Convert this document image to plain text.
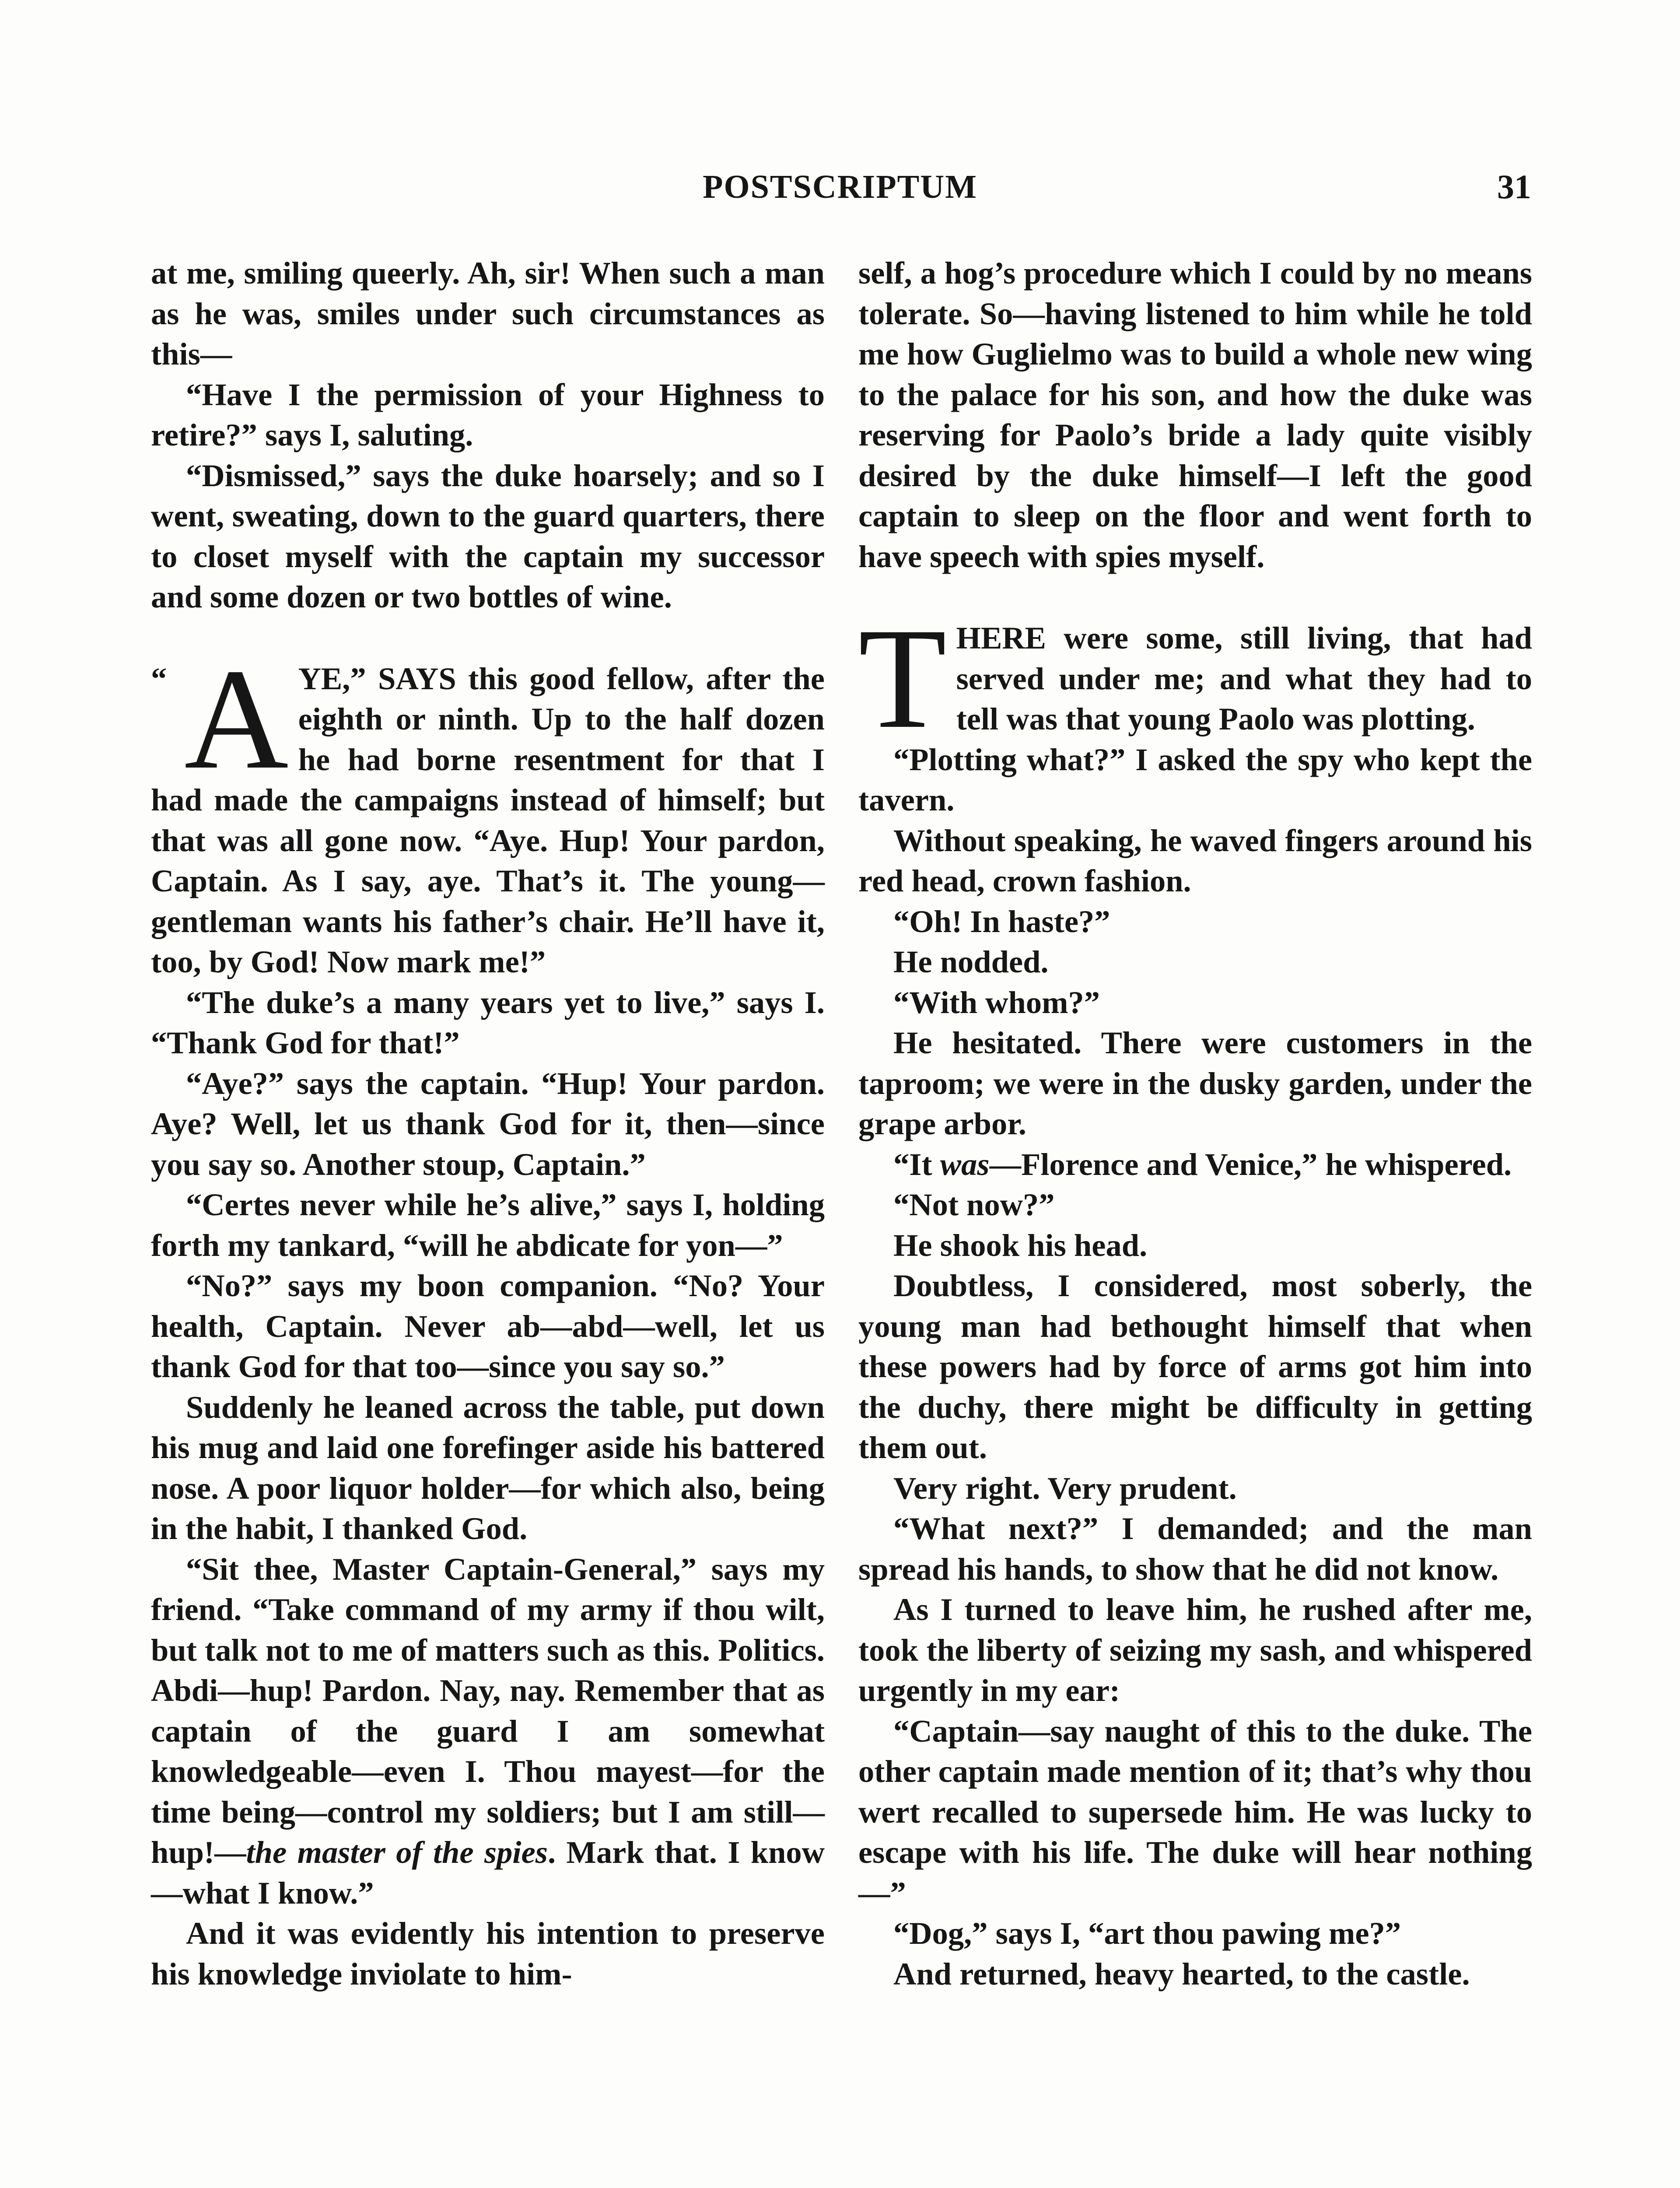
POSTSCRIPTUM	31

at me, smiling queerly. Ah, sir! When such a man as he was, smiles under such circumstances as this—

“Have I the permission of your Highness to retire?” says I, saluting.

“Dismissed,” says the duke hoarsely; and so I went, sweating, down to the guard quarters, there to closet myself with the captain my successor and some dozen or two bottles of wine.

“ A YE,” SAYS this good fellow, after the eighth or ninth. Up to the half dozen he had borne resentment for that I had made the campaigns instead of himself; but that was all gone now. “Aye. Hup! Your pardon, Captain. As I say, aye. That’s it. The young—gentleman wants his father’s chair. He’ll have it, too, by God! Now mark me!”

“The duke’s a many years yet to live,” says I. “Thank God for that!”

“Aye?” says the captain. “Hup! Your pardon. Aye? Well, let us thank God for it, then—since you say so. Another stoup, Captain.”

“Certes never while he’s alive,” says I, holding forth my tankard, “will he abdicate for yon—”

“No?” says my boon companion. “No? Your health, Captain. Never ab—abd—well, let us thank God for that too—since you say so.”

Suddenly he leaned across the table, put down his mug and laid one forefinger aside his battered nose. A poor liquor holder—for which also, being in the habit, I thanked God.

“Sit thee, Master Captain-General,” says my friend. “Take command of my army if thou wilt, but talk not to me of matters such as this. Politics. Abdi—hup! Pardon. Nay, nay. Remember that as captain of the guard I am somewhat knowledgeable—even I. Thou mayest—for the time being—control my soldiers; but I am still—hup!—the master of the spies. Mark that. I know—what I know.”

And it was evidently his intention to preserve his knowledge inviolate to him-

self, a hog’s procedure which I could by no means tolerate. So—having listened to him while he told me how Guglielmo was to build a whole new wing to the palace for his son, and how the duke was reserving for Paolo’s bride a lady quite visibly desired by the duke himself—I left the good captain to sleep on the floor and went forth to have speech with spies myself.

THERE were some, still living, that had served under me; and what they had to tell was that young Paolo was plotting.

“Plotting what?” I asked the spy who kept the tavern.

Without speaking, he waved fingers around his red head, crown fashion.

“Oh! In haste?”

He nodded.

“With whom?”

He hesitated. There were customers in the taproom; we were in the dusky garden, under the grape arbor.

“It was—Florence and Venice,” he whispered.

“Not now?”

He shook his head.

Doubtless, I considered, most soberly, the young man had bethought himself that when these powers had by force of arms got him into the duchy, there might be difficulty in getting them out.

Very right. Very prudent.

“What next?” I demanded; and the man spread his hands, to show that he did not know.

As I turned to leave him, he rushed after me, took the liberty of seizing my sash, and whispered urgently in my ear:

“Captain—say naught of this to the duke. The other captain made mention of it; that’s why thou wert recalled to supersede him. He was lucky to escape with his life. The duke will hear nothing—”

“Dog,” says I, “art thou pawing me?”

And returned, heavy hearted, to the castle.
